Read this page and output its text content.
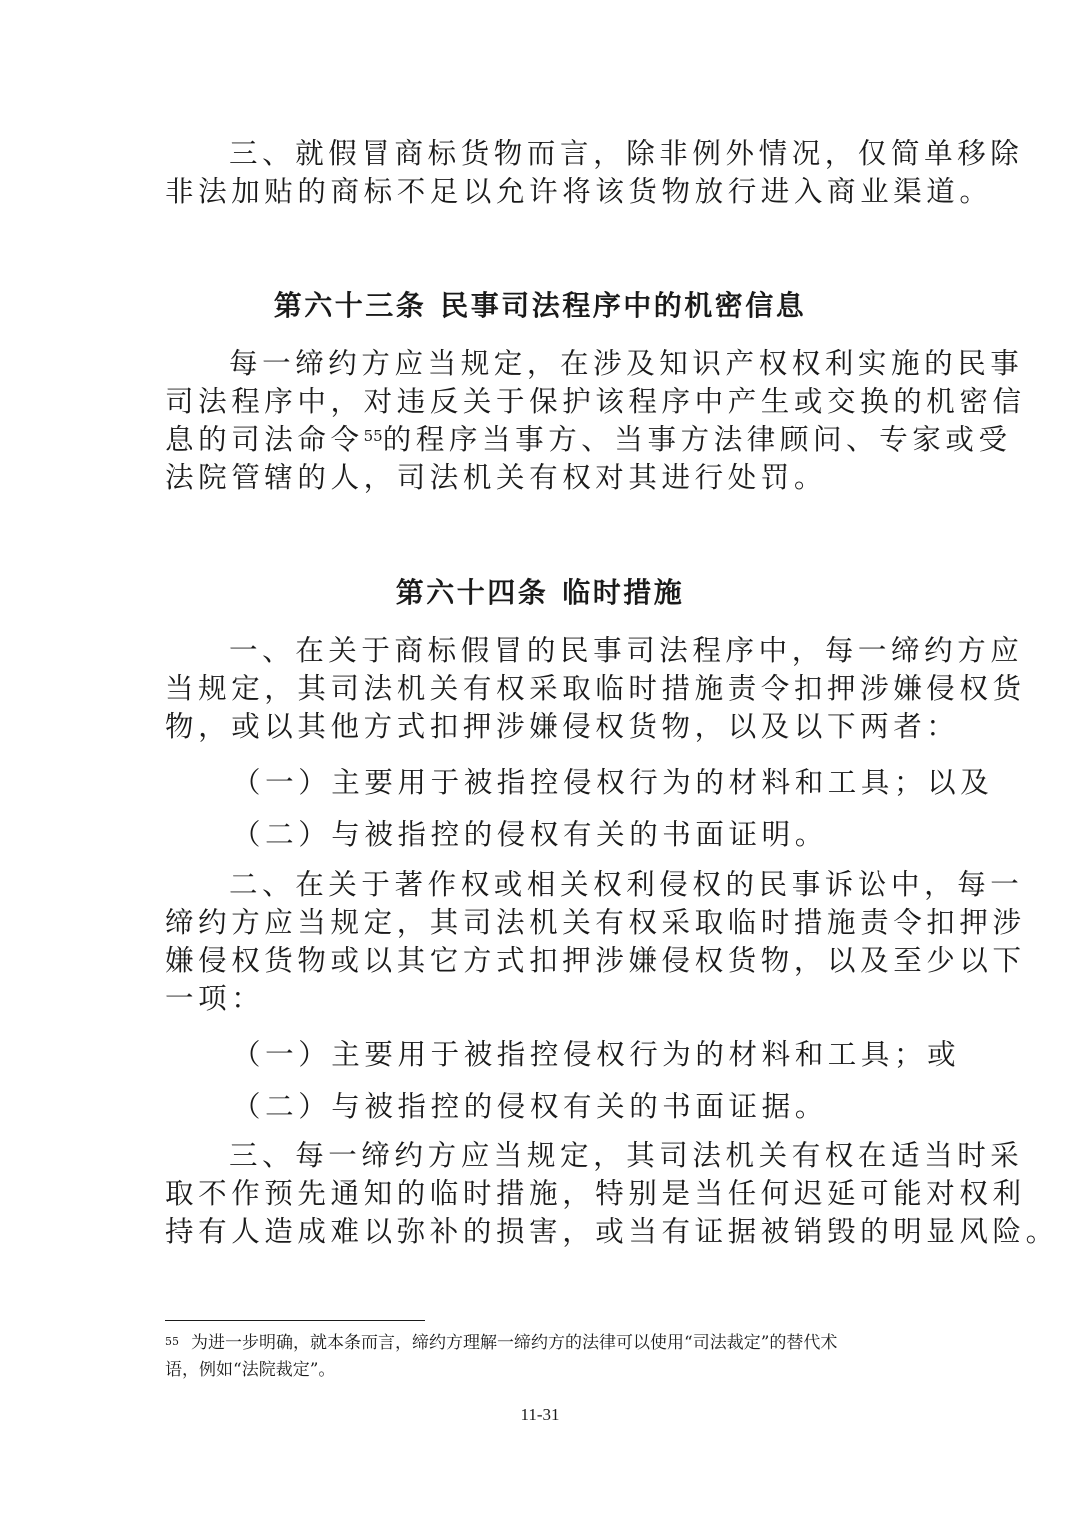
三、就假冒商标货物而言，除非例外情况，仅简单移除
非法加贴的商标不足以允许将该货物放行进入商业渠道。

第六十三条 民事司法程序中的机密信息

每一缔约方应当规定，在涉及知识产权权利实施的民事
司法程序中，对违反关于保护该程序中产生或交换的机密信
息的司法命令$^{55}$的程序当事方、当事方法律顾问、专家或受
法院管辖的人，司法机关有权对其进行处罚。

第六十四条 临时措施

一、在关于商标假冒的民事司法程序中，每一缔约方应
当规定，其司法机关有权采取临时措施责令扣押涉嫌侵权货
物，或以其他方式扣押涉嫌侵权货物，以及以下两者：

（一）主要用于被指控侵权行为的材料和工具；以及

（二）与被指控的侵权有关的书面证明。

二、在关于著作权或相关权利侵权的民事诉讼中，每一
缔约方应当规定，其司法机关有权采取临时措施责令扣押涉
嫌侵权货物或以其它方式扣押涉嫌侵权货物，以及至少以下
一项：

（一）主要用于被指控侵权行为的材料和工具；或

（二）与被指控的侵权有关的书面证据。

三、每一缔约方应当规定，其司法机关有权在适当时采
取不作预先通知的临时措施，特别是当任何迟延可能对权利
持有人造成难以弥补的损害，或当有证据被销毁的明显风险。

$^{55}$ 为进一步明确，就本条而言，缔约方理解一缔约方的法律可以使用“司法裁定”的替代术
语，例如“法院裁定”。

11-31
